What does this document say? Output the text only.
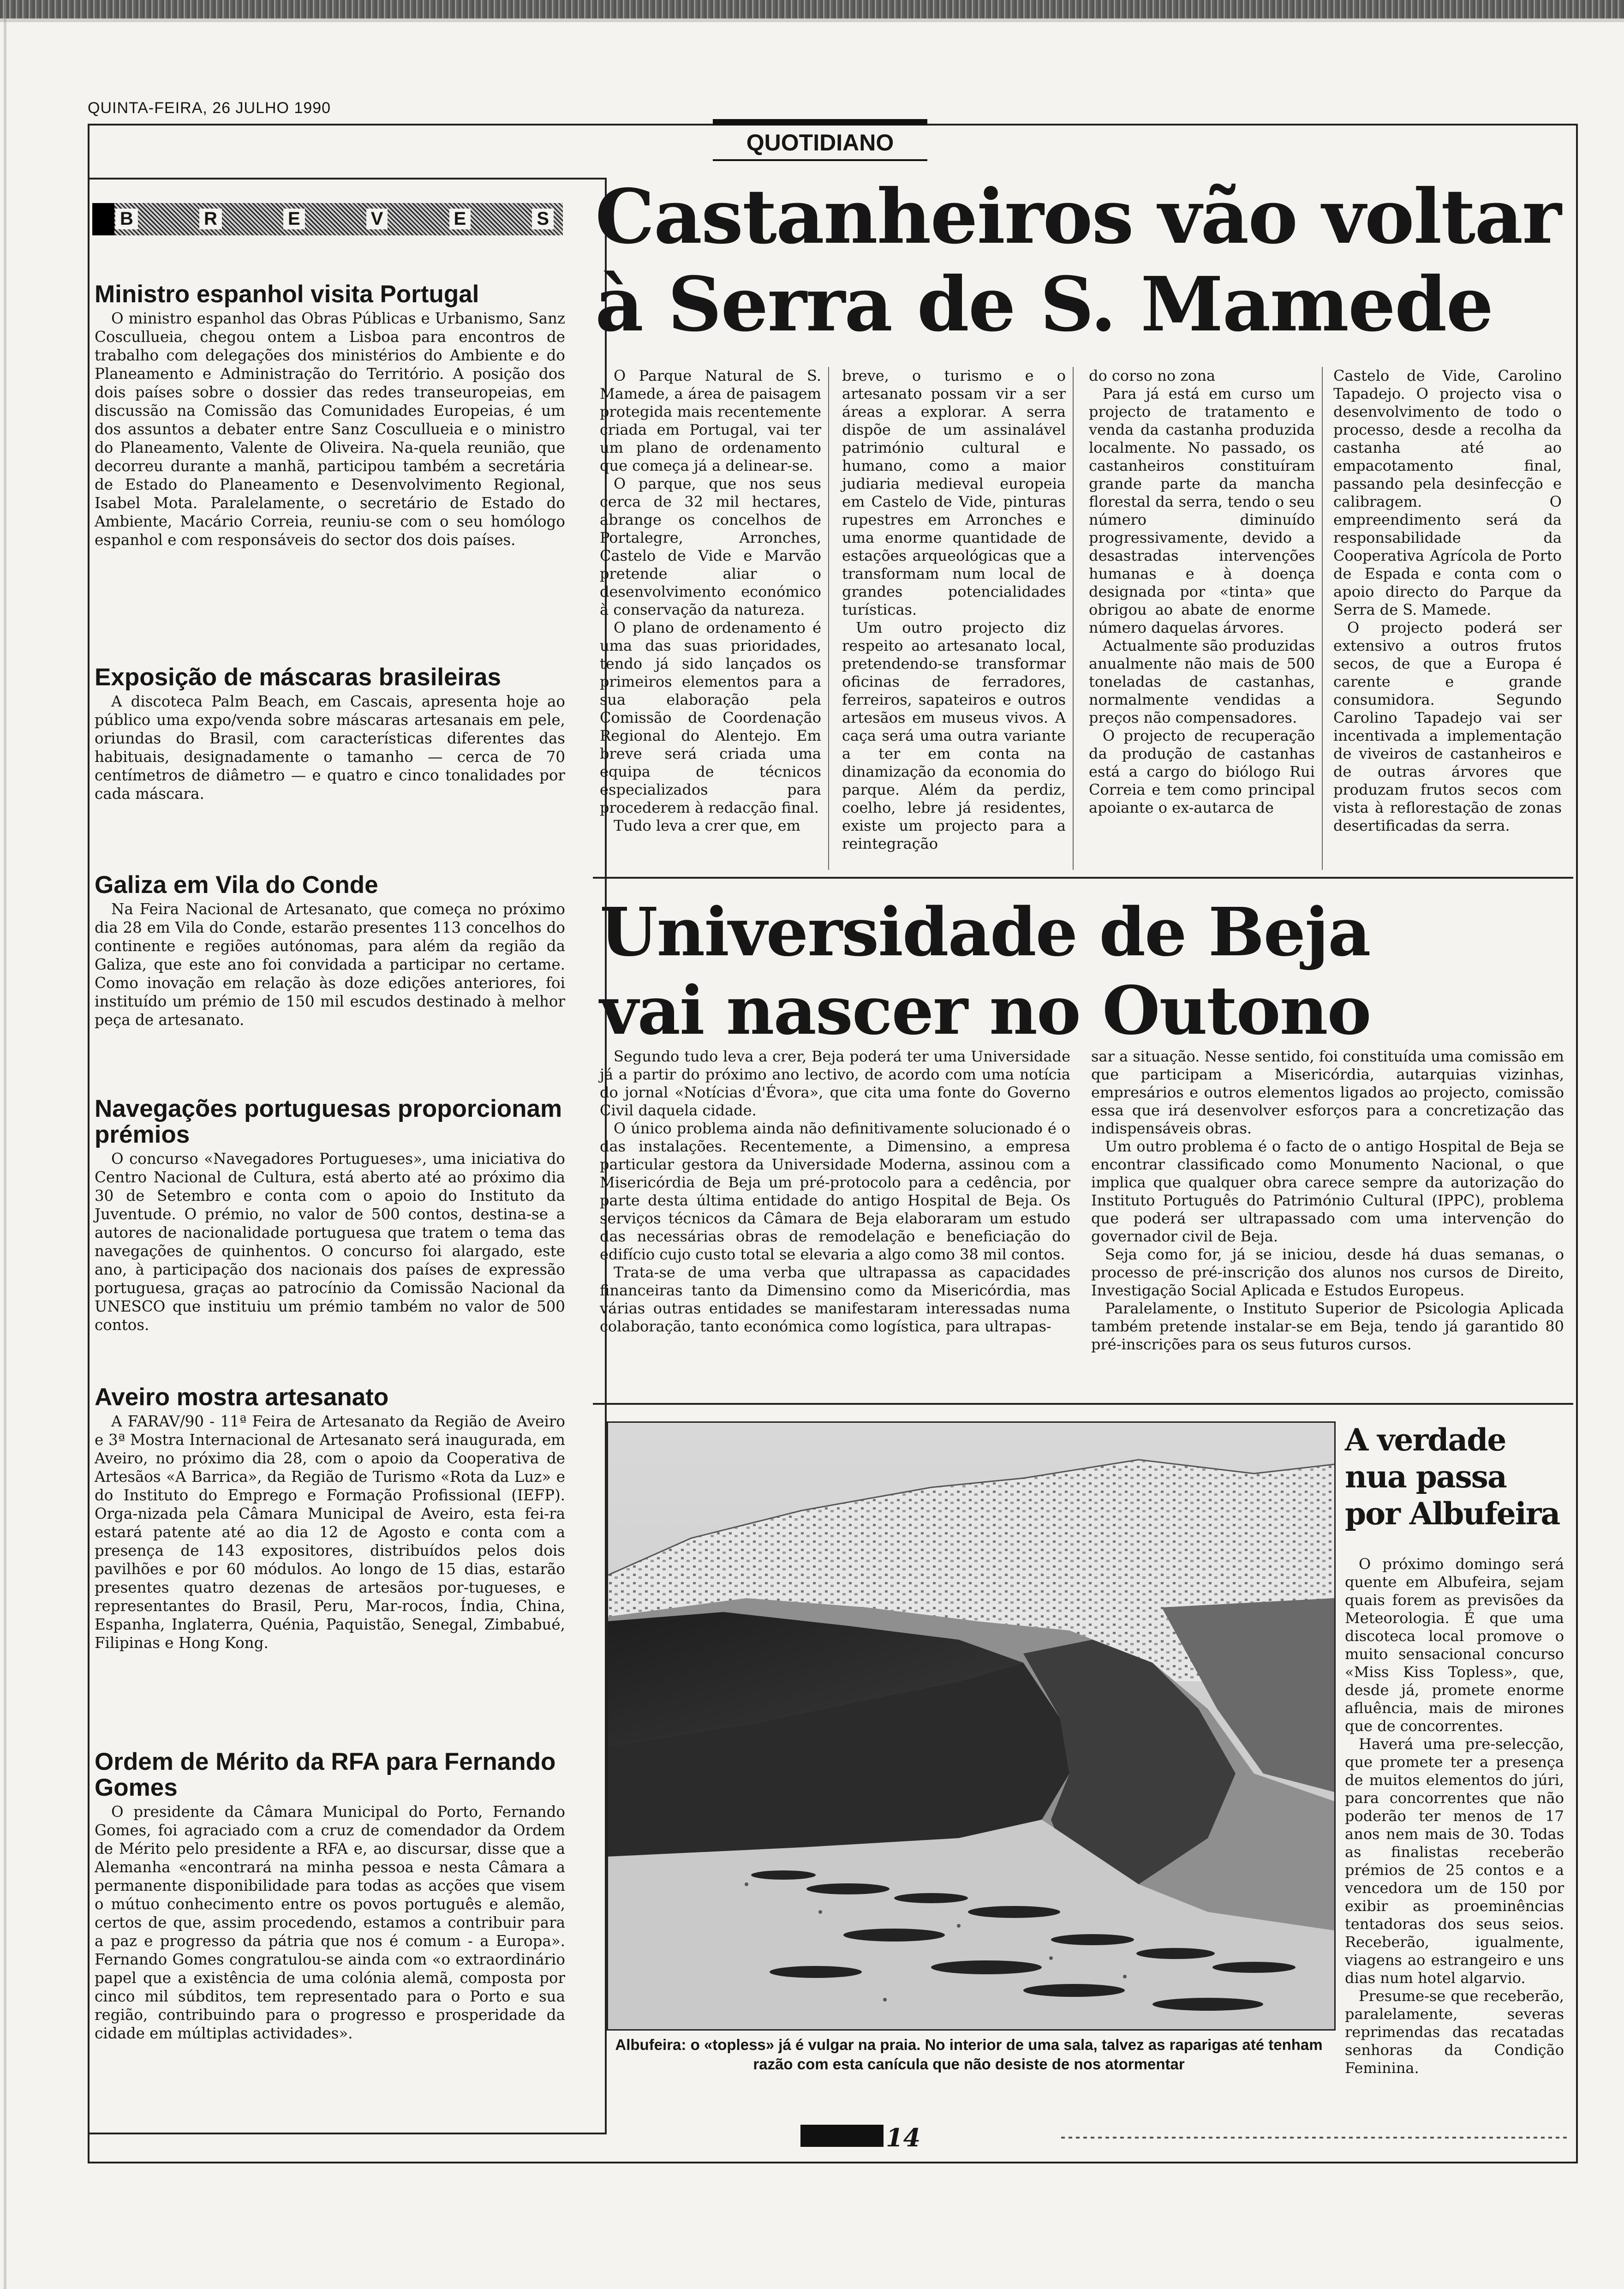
QUINTA-FEIRA, 26 JULHO 1990
QUOTIDIANO
B	R	E	V	E	S
Ministro espanhol visita Portugal

O ministro espanhol das Obras Públicas e Urbanismo, Sanz Coscullueia, chegou ontem a Lisboa para encontros de trabalho com delegações dos ministérios do Ambiente e do Planeamento e Administração do Território. A posição dos dois países sobre o dossier das redes transeuropeias, em discussão na Comissão das Comunidades Europeias, é um dos assuntos a debater entre Sanz Coscullueia e o ministro do Planeamento, Valente de Oliveira. Na-quela reunião, que decorreu durante a manhã, participou também a secretária de Estado do Planeamento e Desenvolvimento Regional, Isabel Mota. Paralelamente, o secretário de Estado do Ambiente, Macário Correia, reuniu-se com o seu homólogo espanhol e com responsáveis do sector dos dois países.

Exposição de máscaras brasileiras

A discoteca Palm Beach, em Cascais, apresenta hoje ao público uma expo/venda sobre máscaras artesanais em pele, oriundas do Brasil, com características diferentes das habituais, designadamente o tamanho — cerca de 70 centímetros de diâmetro — e quatro e cinco tonalidades por cada máscara.

Galiza em Vila do Conde

Na Feira Nacional de Artesanato, que começa no próximo dia 28 em Vila do Conde, estarão presentes 113 concelhos do continente e regiões autónomas, para além da região da Galiza, que este ano foi convidada a participar no certame. Como inovação em relação às doze edições anteriores, foi instituído um prémio de 150 mil escudos destinado à melhor peça de artesanato.

Navegações portuguesas proporcionam prémios

O concurso «Navegadores Portugueses», uma iniciativa do Centro Nacional de Cultura, está aberto até ao próximo dia 30 de Setembro e conta com o apoio do Instituto da Juventude. O prémio, no valor de 500 contos, destina-se a autores de nacionalidade portuguesa que tratem o tema das navegações de quinhentos. O concurso foi alargado, este ano, à participação dos nacionais dos países de expressão portuguesa, graças ao patrocínio da Comissão Nacional da UNESCO que instituiu um prémio também no valor de 500 contos.

Aveiro mostra artesanato

A FARAV/90 - 11ª Feira de Artesanato da Região de Aveiro e 3ª Mostra Internacional de Artesanato será inaugurada, em Aveiro, no próximo dia 28, com o apoio da Cooperativa de Artesãos «A Barrica», da Região de Turismo «Rota da Luz» e do Instituto do Emprego e Formação Profissional (IEFP). Orga-nizada pela Câmara Municipal de Aveiro, esta fei-ra estará patente até ao dia 12 de Agosto e conta com a presença de 143 expositores, distribuídos pelos dois pavilhões e por 60 módulos. Ao longo de 15 dias, estarão presentes quatro dezenas de artesãos por-tugueses, e representantes do Brasil, Peru, Mar-rocos, Índia, China, Espanha, Inglaterra, Quénia, Paquistão, Senegal, Zimbabué, Filipinas e Hong Kong.

Ordem de Mérito da RFA para Fernando Gomes

O presidente da Câmara Municipal do Porto, Fernando Gomes, foi agraciado com a cruz de comendador da Ordem de Mérito pelo presidente a RFA e, ao discursar, disse que a Alemanha «encontrará na minha pessoa e nesta Câmara a permanente disponibilidade para todas as acções que visem o mútuo conhecimento entre os povos português e alemão, certos de que, assim procedendo, estamos a contribuir para a paz e progresso da pátria que nos é comum - a Europa». Fernando Gomes congratulou-se ainda com «o extraordinário papel que a existência de uma colónia alemã, composta por cinco mil súbditos, tem representado para o Porto e sua região, contribuindo para o progresso e prosperidade da cidade em múltiplas actividades».

Castanheiros vão voltar
à Serra de S. Mamede

O Parque Natural de S. Mamede, a área de paisagem protegida mais recentemente criada em Portugal, vai ter um plano de ordenamento que começa já a delinear-se.

O parque, que nos seus cerca de 32 mil hectares, abrange os concelhos de Portalegre, Arronches, Castelo de Vide e Marvão pretende aliar o desenvolvimento económico à conservação da natureza.

O plano de ordenamento é uma das suas prioridades, tendo já sido lançados os primeiros elementos para a sua elaboração pela Comissão de Coordenação Regional do Alentejo. Em breve será criada uma equipa de técnicos especializados para procederem à redacção final.

Tudo leva a crer que, em

breve, o turismo e o artesanato possam vir a ser áreas a explorar. A serra dispõe de um assinalável património cultural e humano, como a maior judiaria medieval europeia em Castelo de Vide, pinturas rupestres em Arronches e uma enorme quantidade de estações arqueológicas que a transformam num local de grandes potencialidades turísticas.

Um outro projecto diz respeito ao artesanato local, pretendendo-se transformar oficinas de ferradores, ferreiros, sapateiros e outros artesãos em museus vivos. A caça será uma outra variante a ter em conta na dinamização da economia do parque. Além da perdiz, coelho, lebre já residentes, existe um projecto para a reintegração

do corso no zona

Para já está em curso um projecto de tratamento e venda da castanha produzida localmente. No passado, os castanheiros constituíram grande parte da mancha florestal da serra, tendo o seu número diminuído progressivamente, devido a desastradas intervenções humanas e à doença designada por «tinta» que obrigou ao abate de enorme número daquelas árvores.

Actualmente são produzidas anualmente não mais de 500 toneladas de castanhas, normalmente vendidas a preços não compensadores.

O projecto de recuperação da produção de castanhas está a cargo do biólogo Rui Correia e tem como principal apoiante o ex-autarca de

Castelo de Vide, Carolino Tapadejo. O projecto visa o desenvolvimento de todo o processo, desde a recolha da castanha até ao empacotamento final, passando pela desinfecção e calibragem. O empreendimento será da responsabilidade da Cooperativa Agrícola de Porto de Espada e conta com o apoio directo do Parque da Serra de S. Mamede.

O projecto poderá ser extensivo a outros frutos secos, de que a Europa é carente e grande consumidora. Segundo Carolino Tapadejo vai ser incentivada a implementação de viveiros de castanheiros e de outras árvores que produzam frutos secos com vista à reflorestação de zonas desertificadas da serra.

Universidade de Beja
vai nascer no Outono

Segundo tudo leva a crer, Beja poderá ter uma Universidade já a partir do próximo ano lectivo, de acordo com uma notícia do jornal «Notícias d'Évora», que cita uma fonte do Governo Civil daquela cidade.

O único problema ainda não definitivamente solucionado é o das instalações. Recentemente, a Dimensino, a empresa particular gestora da Universidade Moderna, assinou com a Misericórdia de Beja um pré-protocolo para a cedência, por parte desta última entidade do antigo Hospital de Beja. Os serviços técnicos da Câmara de Beja elaboraram um estudo das necessárias obras de remodelação e beneficiação do edifício cujo custo total se elevaria a algo como 38 mil contos.

Trata-se de uma verba que ultrapassa as capacidades financeiras tanto da Dimensino como da Misericórdia, mas várias outras entidades se manifestaram interessadas numa colaboração, tanto económica como logística, para ultrapas-

sar a situação. Nesse sentido, foi constituída uma comissão em que participam a Misericórdia, autarquias vizinhas, empresários e outros elementos ligados ao projecto, comissão essa que irá desenvolver esforços para a concretização das indispensáveis obras.

Um outro problema é o facto de o antigo Hospital de Beja se encontrar classificado como Monumento Nacional, o que implica que qualquer obra carece sempre da autorização do Instituto Português do Património Cultural (IPPC), problema que poderá ser ultrapassado com uma intervenção do governador civil de Beja.

Seja como for, já se iniciou, desde há duas semanas, o processo de pré-inscrição dos alunos nos cursos de Direito, Investigação Social Aplicada e Estudos Europeus.

Paralelamente, o Instituto Superior de Psicologia Aplicada também pretende instalar-se em Beja, tendo já garantido 80 pré-inscrições para os seus futuros cursos.

Albufeira: o «topless» já é vulgar na praia. No interior de uma sala, talvez as raparigas até tenham razão com esta canícula que não desiste de nos atormentar
A verdade nua passa por Albufeira

O próximo domingo será quente em Albufeira, sejam quais forem as previsões da Meteorologia. É que uma discoteca local promove o muito sensacional concurso «Miss Kiss Topless», que, desde já, promete enorme afluência, mais de mirones que de concorrentes.

Haverá uma pre-selecção, que promete ter a presença de muitos elementos do júri, para concorrentes que não poderão ter menos de 17 anos nem mais de 30. Todas as finalistas receberão prémios de 25 contos e a vencedora um de 150 por exibir as proeminências tentadoras dos seus seios. Receberão, igualmente, viagens ao estrangeiro e uns dias num hotel algarvio.

Presume-se que receberão, paralelamente, severas reprimendas das recatadas senhoras da Condição Feminina.

14
